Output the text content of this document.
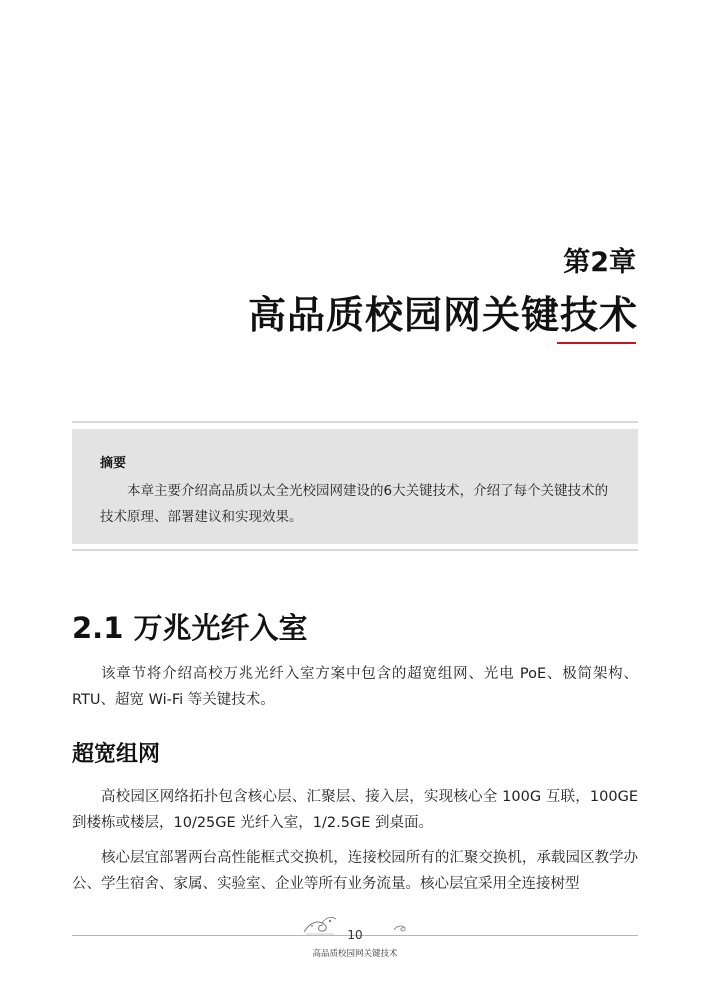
第2章
高品质校园网关键技术

摘要

本章主要介绍高品质以太全光校园网建设的6大关键技术，介绍了每个关键技术的技术原理、部署建议和实现效果。

2.1 万兆光纤入室

该章节将介绍高校万兆光纤入室方案中包含的超宽组网、光电 PoE、极简架构、RTU、超宽 Wi-Fi 等关键技术。

超宽组网

高校园区网络拓扑包含核心层、汇聚层、接入层，实现核心全 100G 互联，100GE 到楼栋或楼层，10/25GE 光纤入室，1/2.5GE 到桌面。

核心层宜部署两台高性能框式交换机，连接校园所有的汇聚交换机，承载园区教学办公、学生宿舍、家属、实验室、企业等所有业务流量。核心层宜采用全连接树型

10

高品质校园网关键技术
